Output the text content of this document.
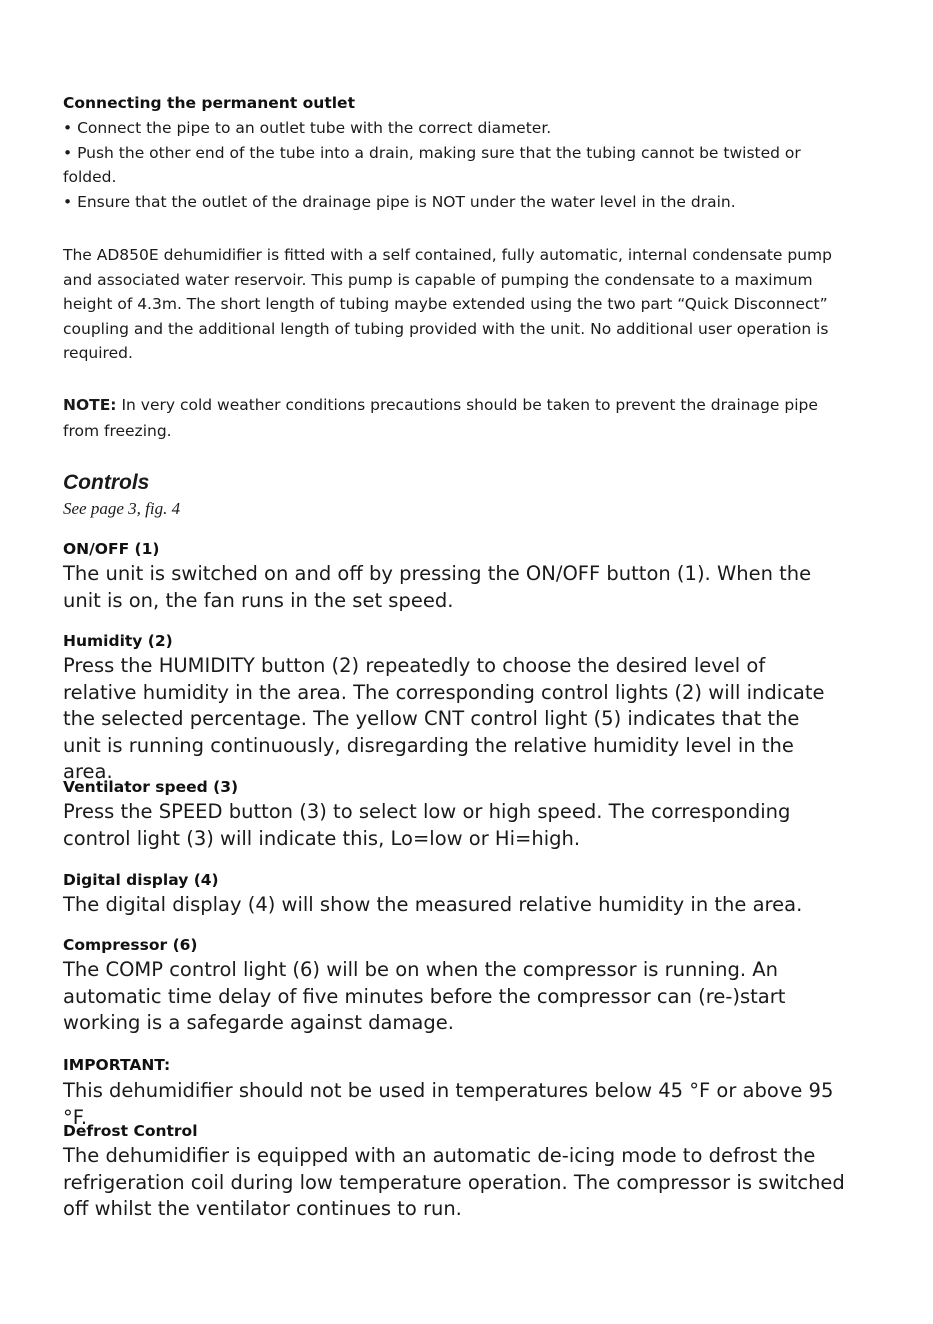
Connecting the permanent outlet

• Connect the pipe to an outlet tube with the correct diameter.

• Push the other end of the tube into a drain, making sure that the tubing cannot be twisted or folded.

• Ensure that the outlet of the drainage pipe is NOT under the water level in the drain.

The AD850E dehumidifier is fitted with a self contained, fully automatic, internal condensate pump and associated water reservoir. This pump is capable of pumping the condensate to a maximum height of 4.3m. The short length of tubing maybe extended using the two part “Quick Disconnect” coupling and the additional length of tubing provided with the unit. No additional user operation is required.

NOTE: In very cold weather conditions precautions should be taken to prevent the drainage pipe from freezing.

Controls

See page 3, fig. 4

ON/OFF (1)

The unit is switched on and off by pressing the ON/OFF button (1). When the unit is on, the fan runs in the set speed.

Humidity (2)

Press the HUMIDITY button (2) repeatedly to choose the desired level of relative humidity in the area. The corresponding control lights (2) will indicate the selected percentage. The yellow CNT control light (5) indicates that the unit is running continuously, disregarding the relative humidity level in the area.

Ventilator speed (3)

Press the SPEED button (3) to select low or high speed. The corresponding control light (3) will indicate this, Lo=low or Hi=high.

Digital display (4)

The digital display (4) will show the measured relative humidity in the area.

Compressor (6)

The COMP control light (6) will be on when the compressor is running. An automatic time delay of five minutes before the compressor can (re-)start working is a safegarde against damage.

IMPORTANT:

This dehumidifier should not be used in temperatures below 45 °F or above 95 °F.

Defrost Control

The dehumidifier is equipped with an automatic de-icing mode to defrost the refrigeration coil during low temperature operation. The compressor is switched off whilst the ventilator continues to run.
